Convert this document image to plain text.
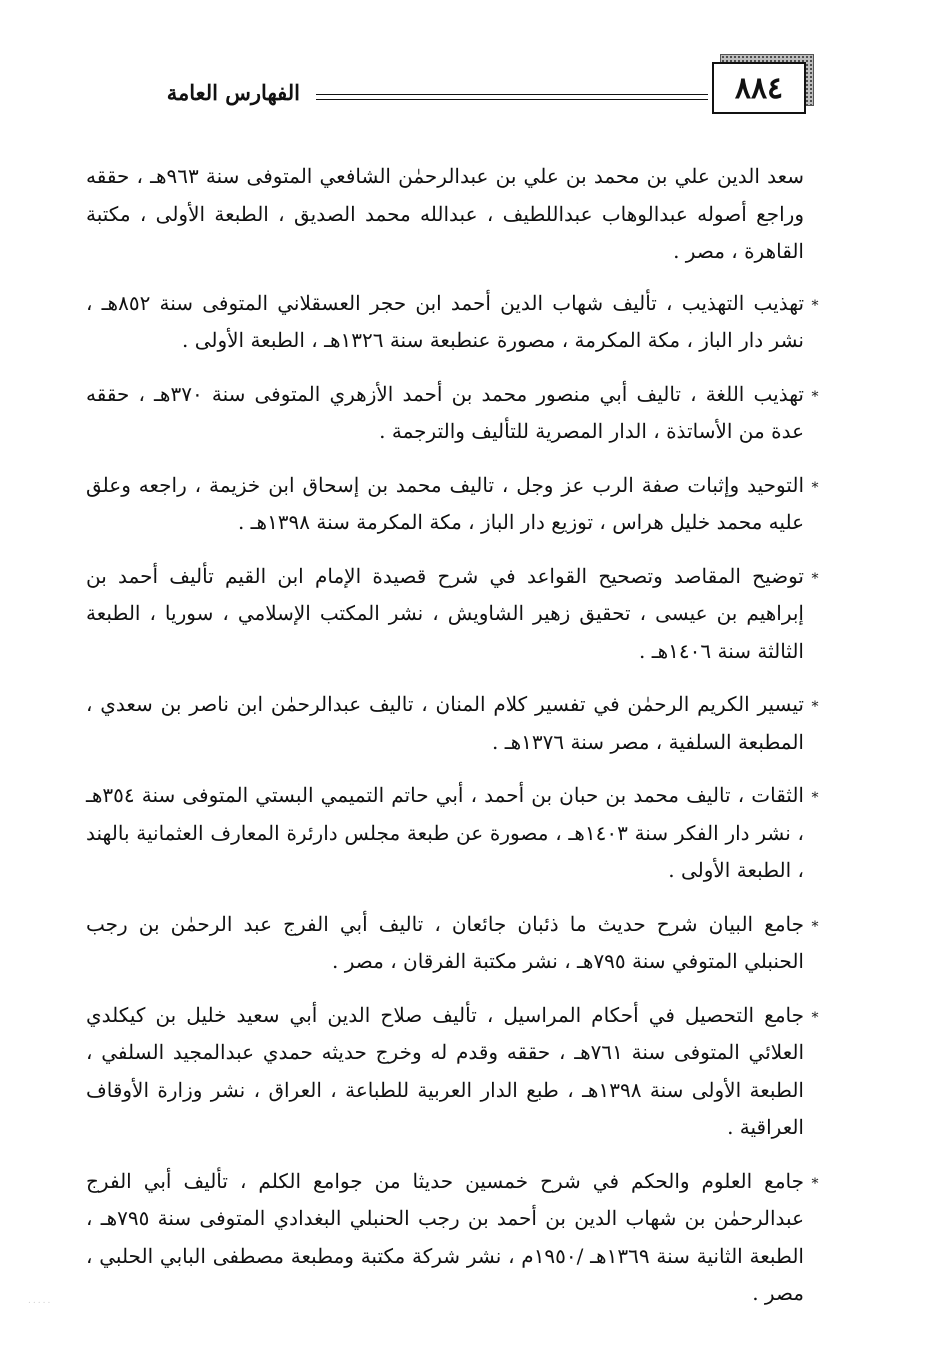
٨٨٤
الفهارس العامة
سعد الدين علي بن محمد بن علي بن عبدالرحمٰن الشافعي المتوفى سنة ٩٦٣هـ ، حققه وراجع أصوله عبدالوهاب عبداللطيف ، عبدالله محمد الصديق ، الطبعة الأولى ، مكتبة القاهرة ، مصر .
*
تهذيب التهذيب ، تأليف شهاب الدين أحمد ابن حجر العسقلاني المتوفى سنة ٨٥٢هـ ، نشر دار الباز ، مكة المكرمة ، مصورة عنطبعة سنة ١٣٢٦هـ ، الطبعة الأولى .
*
تهذيب اللغة ، تاليف أبي منصور محمد بن أحمد الأزهري المتوفى سنة ٣٧٠هـ ، حققه عدة من الأساتذة ، الدار المصرية للتأليف والترجمة .
*
التوحيد وإثبات صفة الرب عز وجل ، تاليف محمد بن إسحاق ابن خزيمة ، راجعه وعلق عليه محمد خليل هراس ، توزيع دار الباز ، مكة المكرمة سنة ١٣٩٨هـ .
*
توضيح المقاصد وتصحيح القواعد في شرح قصيدة الإمام ابن القيم تأليف أحمد بن إبراهيم بن عيسى ، تحقيق زهير الشاويش ، نشر المكتب الإسلامي ، سوريا ، الطبعة الثالثة سنة ١٤٠٦هـ .
*
تيسير الكريم الرحمٰن في تفسير كلام المنان ، تاليف عبدالرحمٰن ابن ناصر بن سعدي ، المطبعة السلفية ، مصر سنة ١٣٧٦هـ .
*
الثقات ، تاليف محمد بن حبان بن أحمد ، أبي حاتم التميمي البستي المتوفى سنة ٣٥٤هـ ، نشر دار الفكر سنة ١٤٠٣هـ ، مصورة عن طبعة مجلس دارئرة المعارف العثمانية بالهند ، الطبعة الأولى .
*
جامع البيان شرح حديث ما ذئبان جائعان ، تاليف أبي الفرج عبد الرحمٰن بن رجب الحنبلي المتوفي سنة ٧٩٥هـ ، نشر مكتبة الفرقان ، مصر .
*
جامع التحصيل في أحكام المراسيل ، تأليف صلاح الدين أبي سعيد خليل بن كيكلدي العلائي المتوفى سنة ٧٦١هـ ، حققه وقدم له وخرج حديثه حمدي عبدالمجيد السلفي ، الطبعة الأولى سنة ١٣٩٨هـ ، طبع الدار العربية للطباعة ، العراق ، نشر وزارة الأوقاف العراقية .
*
جامع العلوم والحكم في شرح خمسين حديثا من جوامع الكلم ، تأليف أبي الفرج عبدالرحمٰن بن شهاب الدين بن أحمد بن رجب الحنبلي البغدادي المتوفى سنة ٧٩٥هـ ، الطبعة الثانية سنة ١٣٦٩هـ /١٩٥٠م ، نشر شركة مكتبة ومطبعة مصطفى البابي الحلبي ، مصر .
.....
